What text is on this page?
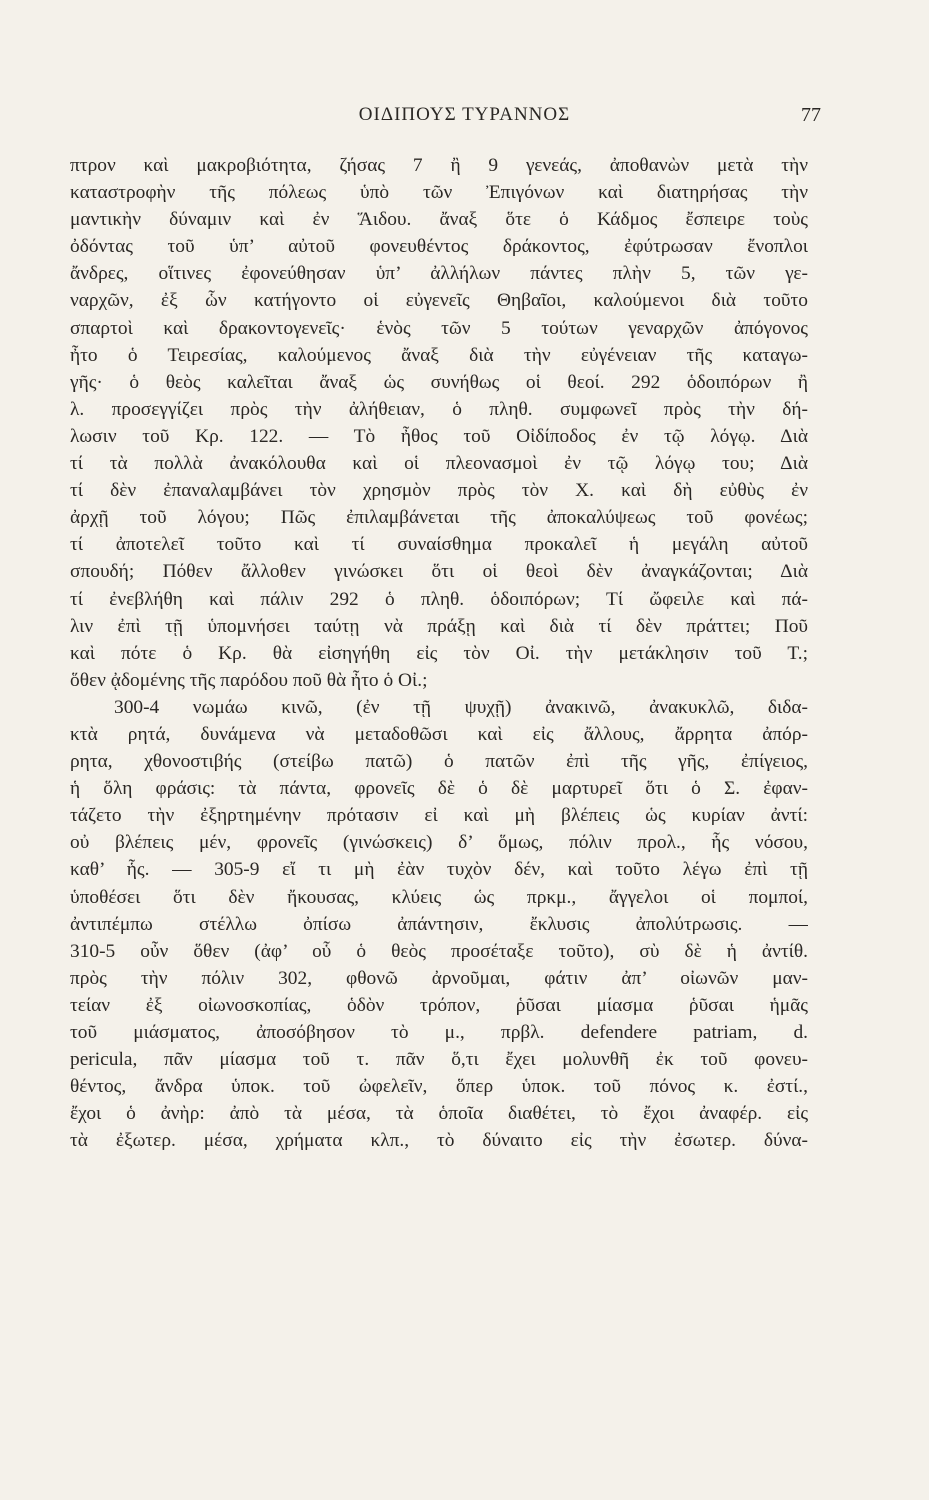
ΟΙΔΙΠΟΥΣ ΤΥΡΑΝΝΟΣ	77
πτρον καὶ μακροβιότητα, ζήσας 7 ἢ 9 γενεάς, ἀποθανὼν μετὰ τὴν
καταστροφὴν τῆς πόλεως ὑπὸ τῶν Ἐπιγόνων καὶ διατηρήσας τὴν
μαντικὴν δύναμιν καὶ ἐν Ἅιδου. ἄναξ ὅτε ὁ Κάδμος ἔσπειρε τοὺς
ὀδόντας τοῦ ὑπ’ αὐτοῦ φονευθέντος δράκοντος, ἐφύτρωσαν ἔνοπλοι
ἄνδρες, οἵτινες ἐφονεύθησαν ὑπ’ ἀλλήλων πάντες πλὴν 5, τῶν γε-
ναρχῶν, ἐξ ὧν κατήγοντο οἱ εὐγενεῖς Θηβαῖοι, καλούμενοι διὰ τοῦτο
σπαρτοὶ καὶ δρακοντογενεῖς· ἑνὸς τῶν 5 τούτων γεναρχῶν ἀπόγονος
ἦτο ὁ Τειρεσίας, καλούμενος ἄναξ διὰ τὴν εὐγένειαν τῆς καταγω-
γῆς· ὁ θεὸς καλεῖται ἄναξ ὡς συνήθως οἱ θεοί. 292 ὁδοιπόρων ἢ
λ. προσεγγίζει πρὸς τὴν ἀλήθειαν, ὁ πληθ. συμφωνεῖ πρὸς τὴν δή-
λωσιν τοῦ Κρ. 122. — Τὸ ἦθος τοῦ Οἰδίποδος ἐν τῷ λόγῳ. Διὰ
τί τὰ πολλὰ ἀνακόλουθα καὶ οἱ πλεονασμοὶ ἐν τῷ λόγῳ του; Διὰ
τί δὲν ἐπαναλαμβάνει τὸν χρησμὸν πρὸς τὸν Χ. καὶ δὴ εὐθὺς ἐν
ἀρχῇ τοῦ λόγου; Πῶς ἐπιλαμβάνεται τῆς ἀποκαλύψεως τοῦ φονέως;
τί ἀποτελεῖ τοῦτο καὶ τί συναίσθημα προκαλεῖ ἡ μεγάλη αὐτοῦ
σπουδή; Πόθεν ἄλλοθεν γινώσκει ὅτι οἱ θεοὶ δὲν ἀναγκάζονται; Διὰ
τί ἐνεβλήθη καὶ πάλιν 292 ὁ πληθ. ὁδοιπόρων; Τί ὤφειλε καὶ πά-
λιν ἐπὶ τῇ ὑπομνήσει ταύτῃ νὰ πράξῃ καὶ διὰ τί δὲν πράττει; Ποῦ
καὶ πότε ὁ Κρ. θὰ εἰσηγήθη εἰς τὸν Οἰ. τὴν μετάκλησιν τοῦ Τ.;
ὅθεν ᾀδομένης τῆς παρόδου ποῦ θὰ ἦτο ὁ Οἰ.;
300-4 νωμάω κινῶ, (ἐν τῇ ψυχῇ) ἀνακινῶ, ἀνακυκλῶ, διδα-
κτὰ ρητά, δυνάμενα νὰ μεταδοθῶσι καὶ εἰς ἄλλους, ἄρρητα ἀπόρ-
ρητα, χθονοστιβής (στείβω πατῶ) ὁ πατῶν ἐπὶ τῆς γῆς, ἐπίγειος,
ἡ ὅλη φράσις: τὰ πάντα, φρονεῖς δὲ ὁ δὲ μαρτυρεῖ ὅτι ὁ Σ. ἐφαν-
τάζετο τὴν ἐξηρτημένην πρότασιν εἰ καὶ μὴ βλέπεις ὡς κυρίαν ἀντί:
οὐ βλέπεις μέν, φρονεῖς (γινώσκεις) δ’ ὅμως, πόλιν προλ., ἧς νόσου,
καθ’ ἧς. — 305-9 εἴ τι μὴ ἐὰν τυχὸν δέν, καὶ τοῦτο λέγω ἐπὶ τῇ
ὑποθέσει ὅτι δὲν ἤκουσας, κλύεις ὡς πρκμ., ἄγγελοι οἱ πομποί,
ἀντιπέμπω στέλλω ὀπίσω ἀπάντησιν, ἔκλυσις ἀπολύτρωσις. —
310-5 οὖν ὅθεν (ἀφ’ οὗ ὁ θεὸς προσέταξε τοῦτο), σὺ δὲ ἡ ἀντίθ.
πρὸς τὴν πόλιν 302, φθονῶ ἀρνοῦμαι, φάτιν ἀπ’ οἰωνῶν μαν-
τείαν ἐξ οἰωνοσκοπίας, ὁδὸν τρόπον, ῥῦσαι μίασμα ῥῦσαι ἡμᾶς
τοῦ μιάσματος, ἀποσόβησον τὸ μ., πρβλ. defendere patriam, d.
pericula, πᾶν μίασμα τοῦ τ. πᾶν ὅ,τι ἔχει μολυνθῆ ἐκ τοῦ φονευ-
θέντος, ἄνδρα ὑποκ. τοῦ ὠφελεῖν, ὅπερ ὑποκ. τοῦ πόνος κ. ἐστί.,
ἔχοι ὁ ἀνὴρ: ἀπὸ τὰ μέσα, τὰ ὁποῖα διαθέτει, τὸ ἔχοι ἀναφέρ. εἰς
τὰ ἐξωτερ. μέσα, χρήματα κλπ., τὸ δύναιτο εἰς τὴν ἐσωτερ. δύνα-
